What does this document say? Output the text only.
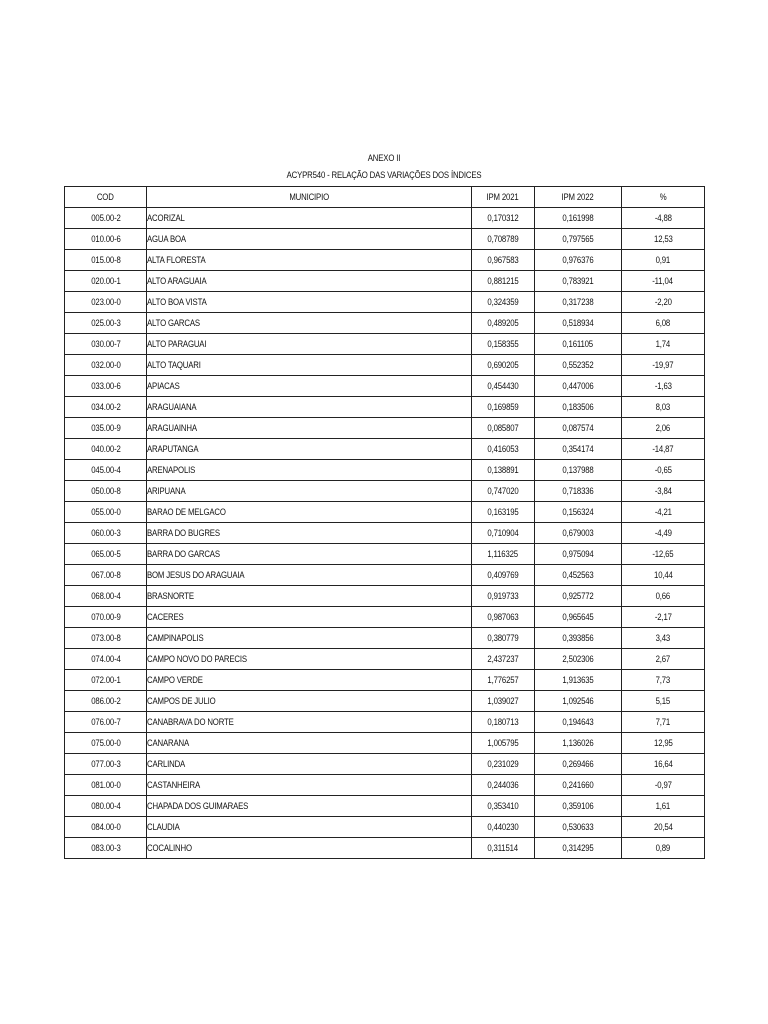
ANEXO II
ACYPR540 - RELAÇÃO DAS VARIAÇÕES DOS ÍNDICES
COD	MUNICIPIO	IPM 2021	IPM 2022	%
005.00-2	ACORIZAL	0,170312	0,161998	-4,88
010.00-6	AGUA BOA	0,708789	0,797565	12,53
015.00-8	ALTA FLORESTA	0,967583	0,976376	0,91
020.00-1	ALTO ARAGUAIA	0,881215	0,783921	-11,04
023.00-0	ALTO BOA VISTA	0,324359	0,317238	-2,20
025.00-3	ALTO GARCAS	0,489205	0,518934	6,08
030.00-7	ALTO PARAGUAI	0,158355	0,161105	1,74
032.00-0	ALTO TAQUARI	0,690205	0,552352	-19,97
033.00-6	APIACAS	0,454430	0,447006	-1,63
034.00-2	ARAGUAIANA	0,169859	0,183506	8,03
035.00-9	ARAGUAINHA	0,085807	0,087574	2,06
040.00-2	ARAPUTANGA	0,416053	0,354174	-14,87
045.00-4	ARENAPOLIS	0,138891	0,137988	-0,65
050.00-8	ARIPUANA	0,747020	0,718336	-3,84
055.00-0	BARAO DE MELGACO	0,163195	0,156324	-4,21
060.00-3	BARRA DO BUGRES	0,710904	0,679003	-4,49
065.00-5	BARRA DO GARCAS	1,116325	0,975094	-12,65
067.00-8	BOM JESUS DO ARAGUAIA	0,409769	0,452563	10,44
068.00-4	BRASNORTE	0,919733	0,925772	0,66
070.00-9	CACERES	0,987063	0,965645	-2,17
073.00-8	CAMPINAPOLIS	0,380779	0,393856	3,43
074.00-4	CAMPO NOVO DO PARECIS	2,437237	2,502306	2,67
072.00-1	CAMPO VERDE	1,776257	1,913635	7,73
086.00-2	CAMPOS DE JULIO	1,039027	1,092546	5,15
076.00-7	CANABRAVA DO NORTE	0,180713	0,194643	7,71
075.00-0	CANARANA	1,005795	1,136026	12,95
077.00-3	CARLINDA	0,231029	0,269466	16,64
081.00-0	CASTANHEIRA	0,244036	0,241660	-0,97
080.00-4	CHAPADA DOS GUIMARAES	0,353410	0,359106	1,61
084.00-0	CLAUDIA	0,440230	0,530633	20,54
083.00-3	COCALINHO	0,311514	0,314295	0,89
